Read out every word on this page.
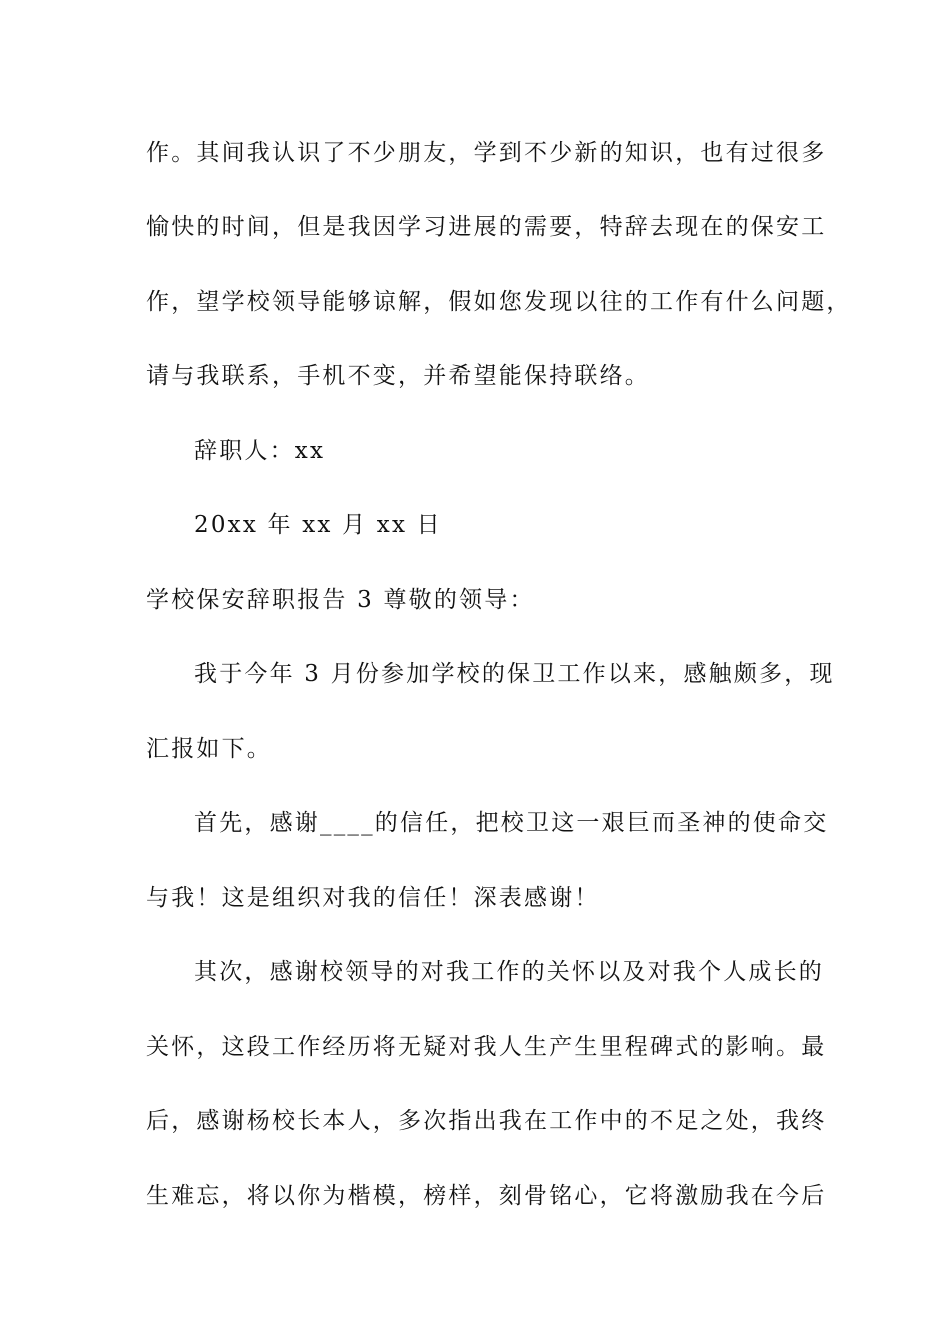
作。其间我认识了不少朋友，学到不少新的知识，也有过很多
愉快的时间，但是我因学习进展的需要，特辞去现在的保安工
作，望学校领导能够谅解，假如您发现以往的工作有什么问题，
请与我联系，手机不变，并希望能保持联络。
辞职人：xx
20xx 年 xx 月 xx 日
学校保安辞职报告 3 尊敬的领导：
我于今年 3 月份参加学校的保卫工作以来，感触颇多，现
汇报如下。
首先，感谢____的信任，把校卫这一艰巨而圣神的使命交
与我！这是组织对我的信任！深表感谢！
其次，感谢校领导的对我工作的关怀以及对我个人成长的
关怀，这段工作经历将无疑对我人生产生里程碑式的影响。最
后，感谢杨校长本人，多次指出我在工作中的不足之处，我终
生难忘，将以你为楷模，榜样，刻骨铭心，它将激励我在今后
